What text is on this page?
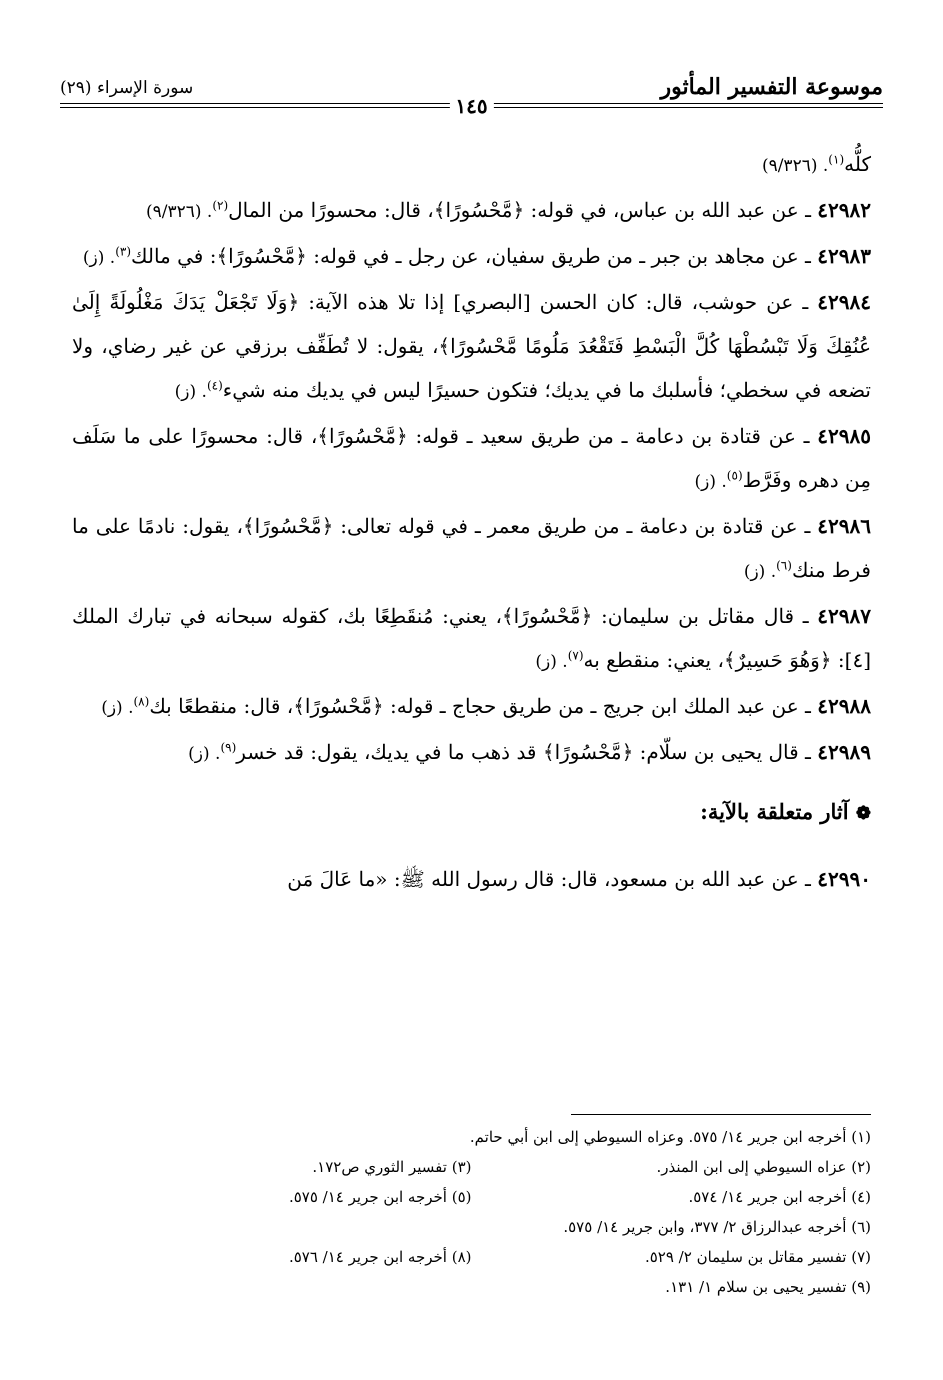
موسوعة التفسير المأثور
سورة الإسراء (٢٩)
١٤٥

كلُّه$^{(١)}$. (٩/٣٢٦)

٤٢٩٨٢ ـ عن عبد الله بن عباس، في قوله: ﴿مَّحْسُورًا﴾، قال: محسورًا من المال$^{(٢)}$. (٩/٣٢٦)

٤٢٩٨٣ ـ عن مجاهد بن جبر ـ من طريق سفيان، عن رجل ـ في قوله: ﴿مَّحْسُورًا﴾: في مالك$^{(٣)}$. (ز)

٤٢٩٨٤ ـ عن حوشب، قال: كان الحسن [البصري] إذا تلا هذه الآية: ﴿وَلَا تَجْعَلْ يَدَكَ مَغْلُولَةً إِلَىٰ عُنُقِكَ وَلَا تَبْسُطْهَا كُلَّ الْبَسْطِ فَتَقْعُدَ مَلُومًا مَّحْسُورًا﴾، يقول: لا تُطَفِّف برزقي عن غير رضاي، ولا تضعه في سخطي؛ فأسلبك ما في يديك؛ فتكون حسيرًا ليس في يديك منه شيء$^{(٤)}$. (ز)

٤٢٩٨٥ ـ عن قتادة بن دعامة ـ من طريق سعيد ـ قوله: ﴿مَّحْسُورًا﴾، قال: محسورًا على ما سَلَف مِن دهره وفَرَّط$^{(٥)}$. (ز)

٤٢٩٨٦ ـ عن قتادة بن دعامة ـ من طريق معمر ـ في قوله تعالى: ﴿مَّحْسُورًا﴾، يقول: نادمًا على ما فرط منك$^{(٦)}$. (ز)

٤٢٩٨٧ ـ قال مقاتل بن سليمان: ﴿مَّحْسُورًا﴾، يعني: مُنقَطِعًا بك، كقوله سبحانه في تبارك الملك [٤]: ﴿وَهُوَ حَسِيرٌ﴾، يعني: منقطع به$^{(٧)}$. (ز)

٤٢٩٨٨ ـ عن عبد الملك ابن جريج ـ من طريق حجاج ـ قوله: ﴿مَّحْسُورًا﴾، قال: منقطعًا بك$^{(٨)}$. (ز)

٤٢٩٨٩ ـ قال يحيى بن سلّام: ﴿مَّحْسُورًا﴾ قد ذهب ما في يديك، يقول: قد خسر$^{(٩)}$. (ز)

❁ آثار متعلقة بالآية:

٤٢٩٩٠ ـ عن عبد الله بن مسعود، قال: قال رسول الله ﷺ: «ما عَالَ مَن

(١) أخرجه ابن جرير ١٤/ ٥٧٥. وعزاه السيوطي إلى ابن أبي حاتم.
(٢) عزاه السيوطي إلى ابن المنذر.
(٣) تفسير الثوري ص١٧٢.
(٤) أخرجه ابن جرير ١٤/ ٥٧٤.
(٥) أخرجه ابن جرير ١٤/ ٥٧٥.
(٦) أخرجه عبدالرزاق ٢/ ٣٧٧، وابن جرير ١٤/ ٥٧٥.
(٧) تفسير مقاتل بن سليمان ٢/ ٥٢٩.
(٨) أخرجه ابن جرير ١٤/ ٥٧٦.
(٩) تفسير يحيى بن سلام ١/ ١٣١.
